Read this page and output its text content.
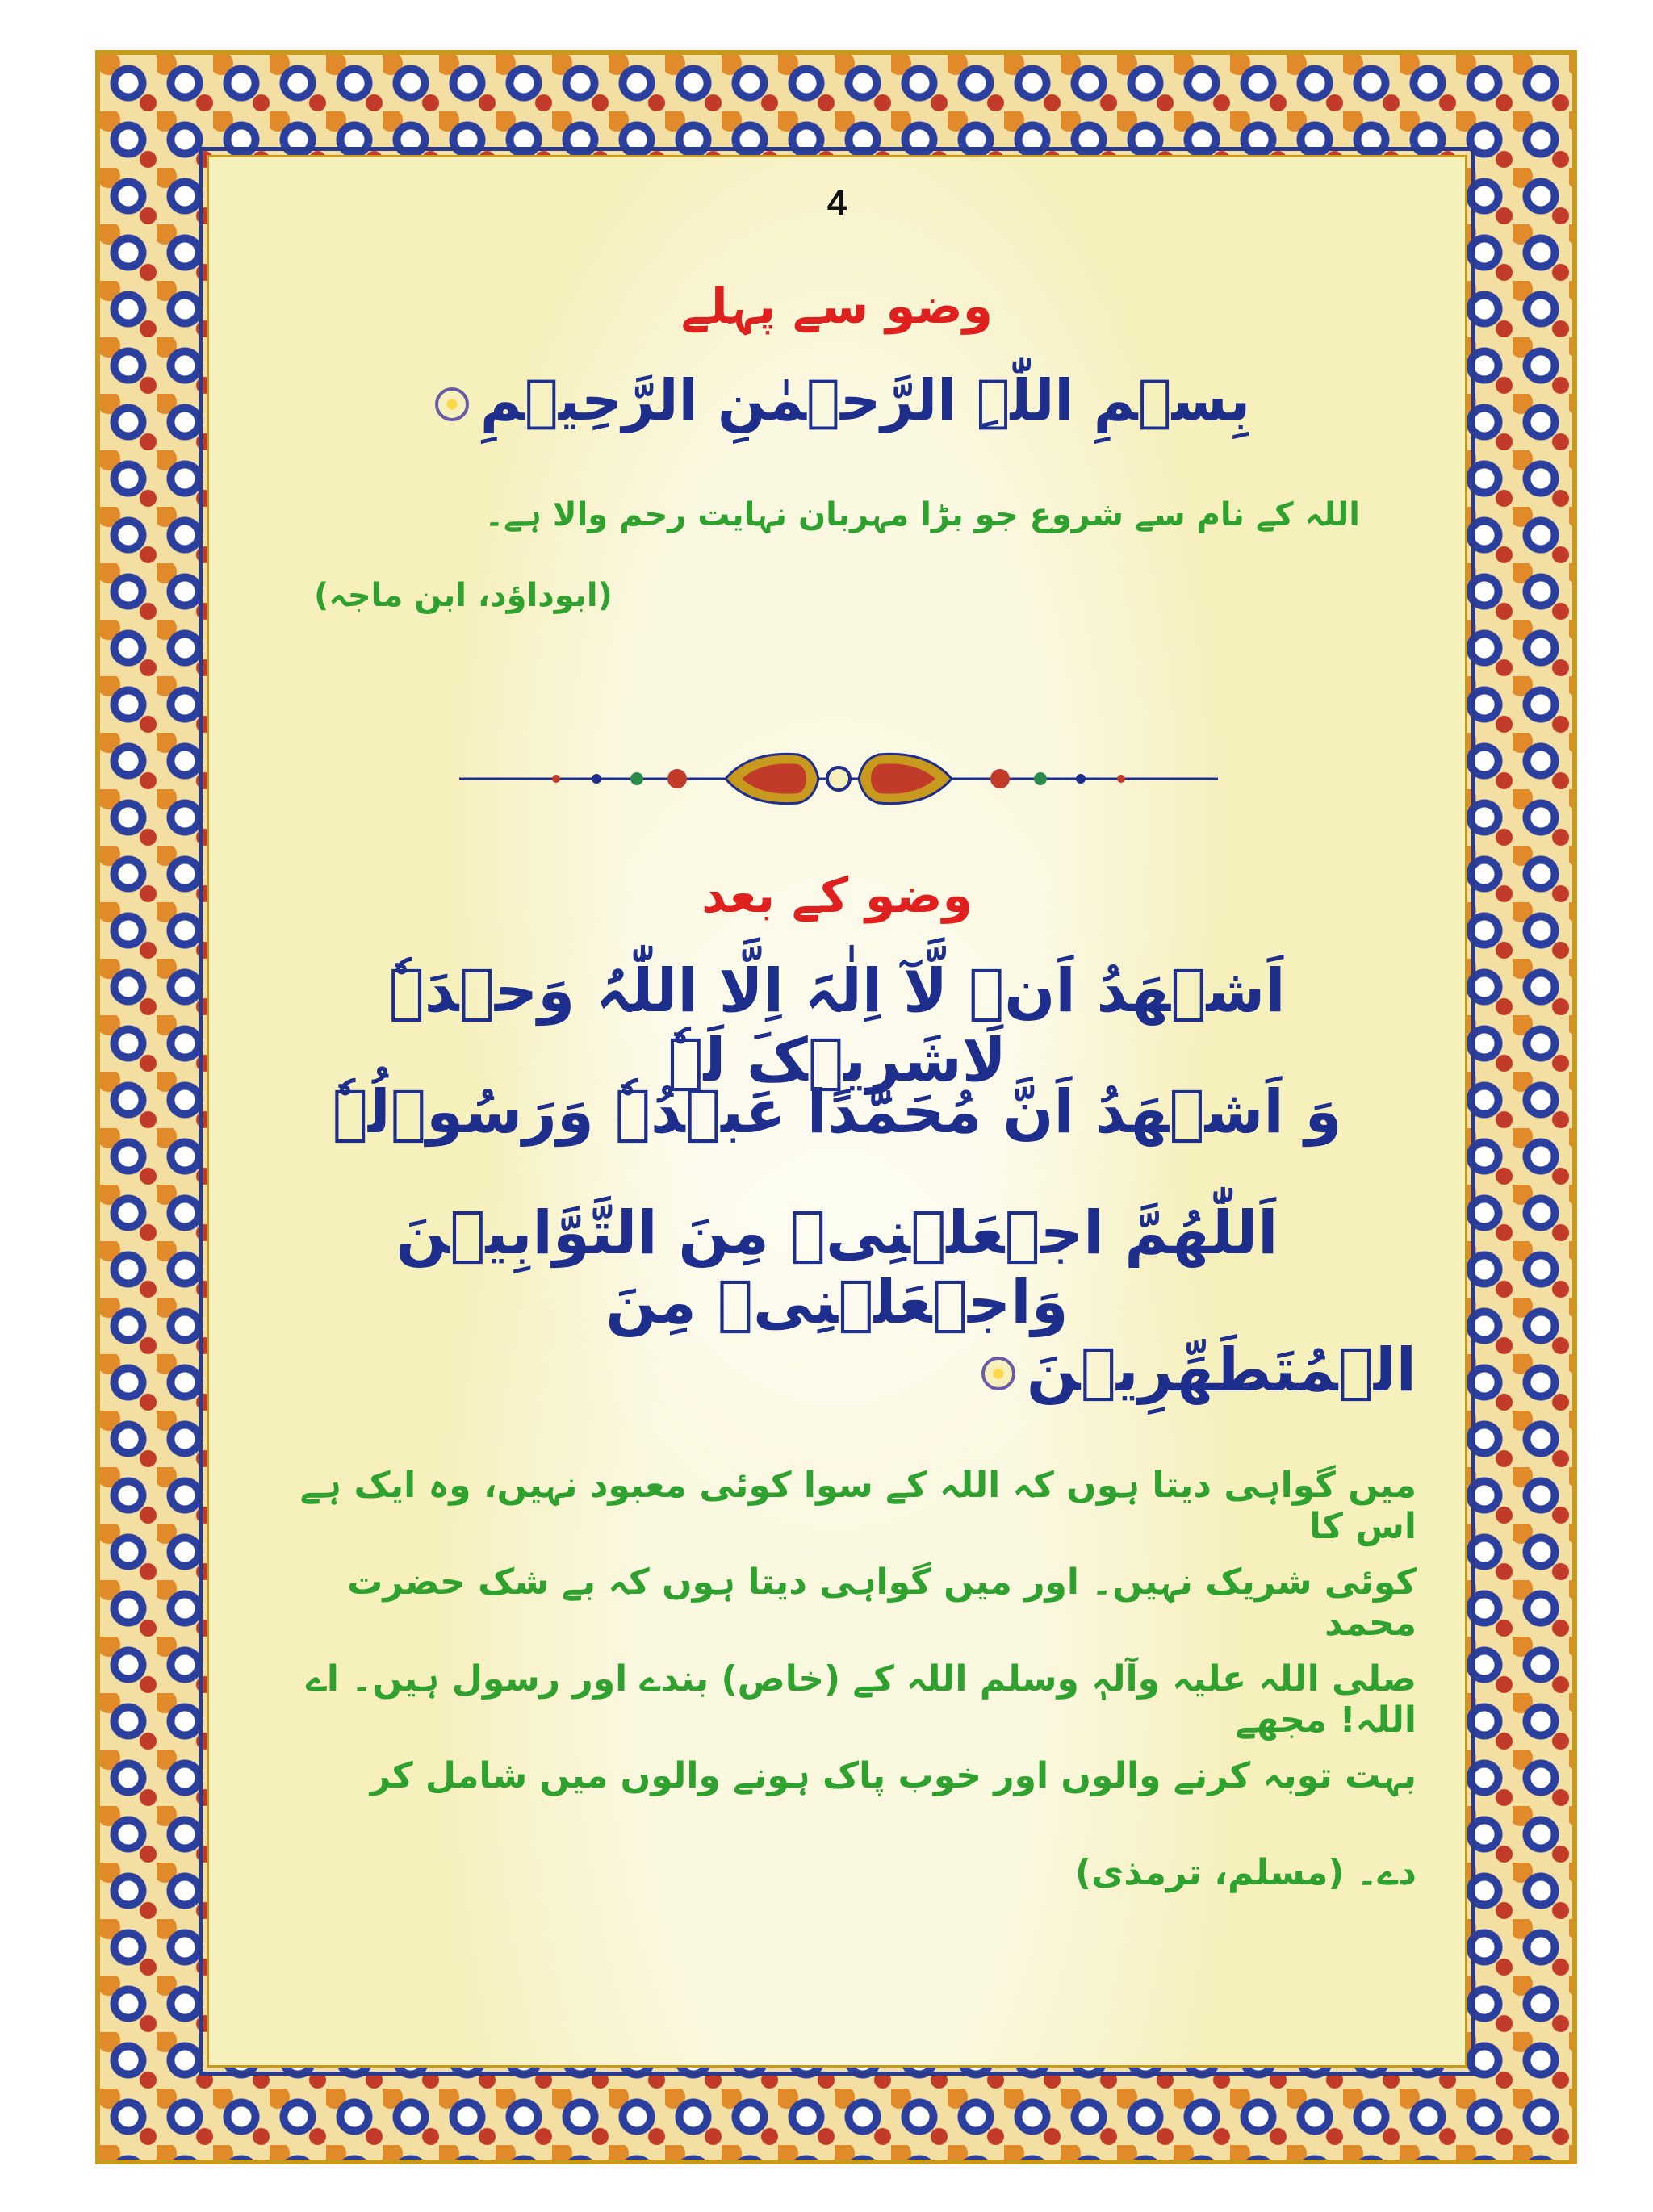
4
وضو سے پہلے
بِسۡمِ اللّٰہِ الرَّحۡمٰنِ الرَّحِیۡمِ
اللہ کے نام سے شروع جو بڑا مہربان نہایت رحم والا ہے۔
(ابوداؤد، ابن ماجہ)
وضو کے بعد
اَشۡھَدُ اَنۡ لَّآ اِلٰہَ اِلَّا اللّٰہُ وَحۡدَہٗ لَاشَرِیۡکَ لَہٗ
وَ اَشۡھَدُ اَنَّ مُحَمَّدًا عَبۡدُہٗ وَرَسُوۡلُہٗ
اَللّٰھُمَّ اجۡعَلۡنِیۡ مِنَ التَّوَّابِیۡنَ وَاجۡعَلۡنِیۡ مِنَ
الۡمُتَطَھِّرِیۡنَ
میں گواہی دیتا ہوں کہ اللہ کے سوا کوئی معبود نہیں، وہ ایک ہے اس کا
کوئی شریک نہیں۔ اور میں گواہی دیتا ہوں کہ بے شک حضرت محمد
صلی اللہ علیہ وآلہٖ وسلم اللہ کے (خاص) بندے اور رسول ہیں۔ اے اللہ! مجھے
بہت توبہ کرنے والوں اور خوب پاک ہونے والوں میں شامل کر
دے۔ (مسلم، ترمذی)
